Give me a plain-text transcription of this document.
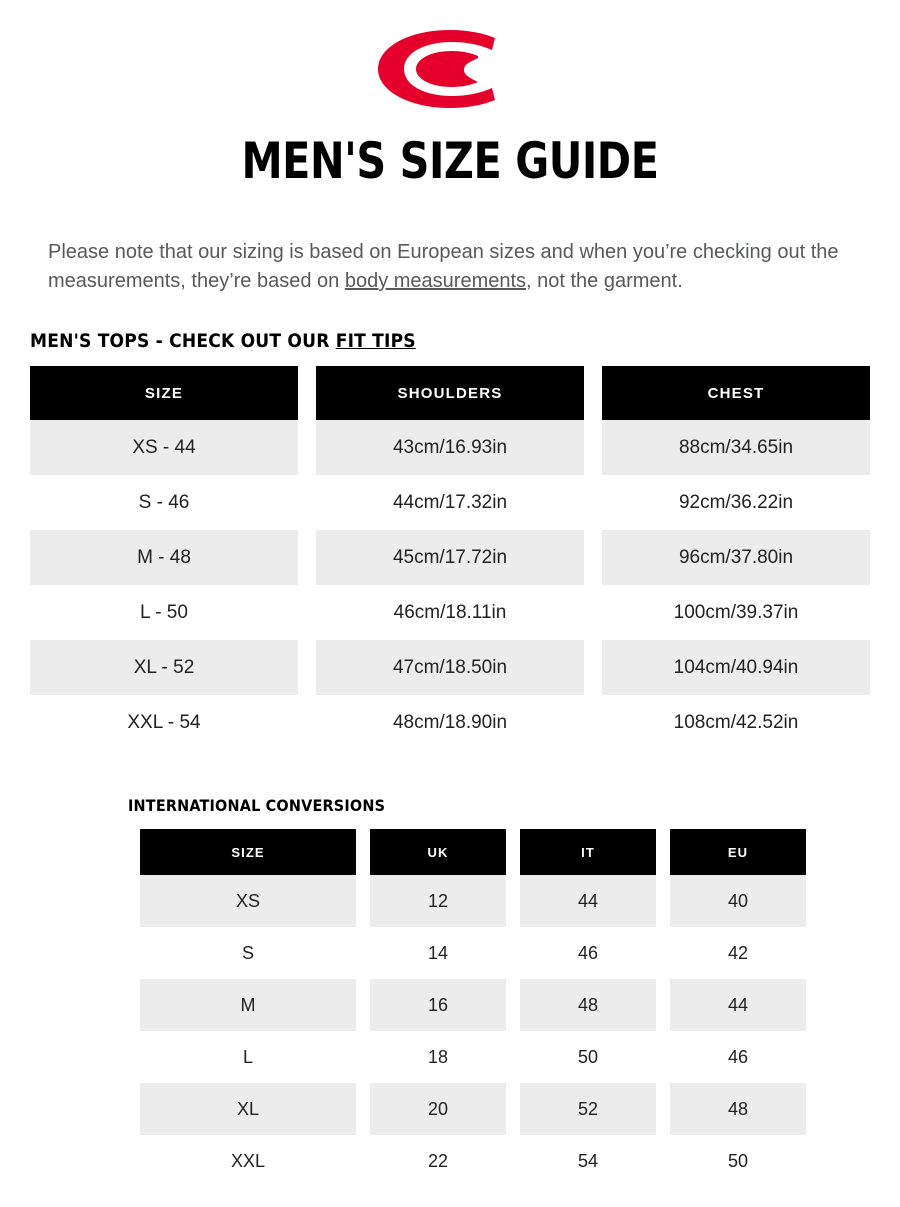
MEN'S SIZE GUIDE

Please note that our sizing is based on European sizes and when you’re checking out the measurements, they’re based on body measurements, not the garment.

MEN'S TOPS - CHECK OUT OUR FIT TIPS
SIZE
XS - 44
S - 46
M - 48
L - 50
XL - 52
XXL - 54
SHOULDERS
43cm/16.93in
44cm/17.32in
45cm/17.72in
46cm/18.11in
47cm/18.50in
48cm/18.90in
CHEST
88cm/34.65in
92cm/36.22in
96cm/37.80in
100cm/39.37in
104cm/40.94in
108cm/42.52in
INTERNATIONAL CONVERSIONS
SIZE
XS
S
M
L
XL
XXL
UK
12
14
16
18
20
22
IT
44
46
48
50
52
54
EU
40
42
44
46
48
50
